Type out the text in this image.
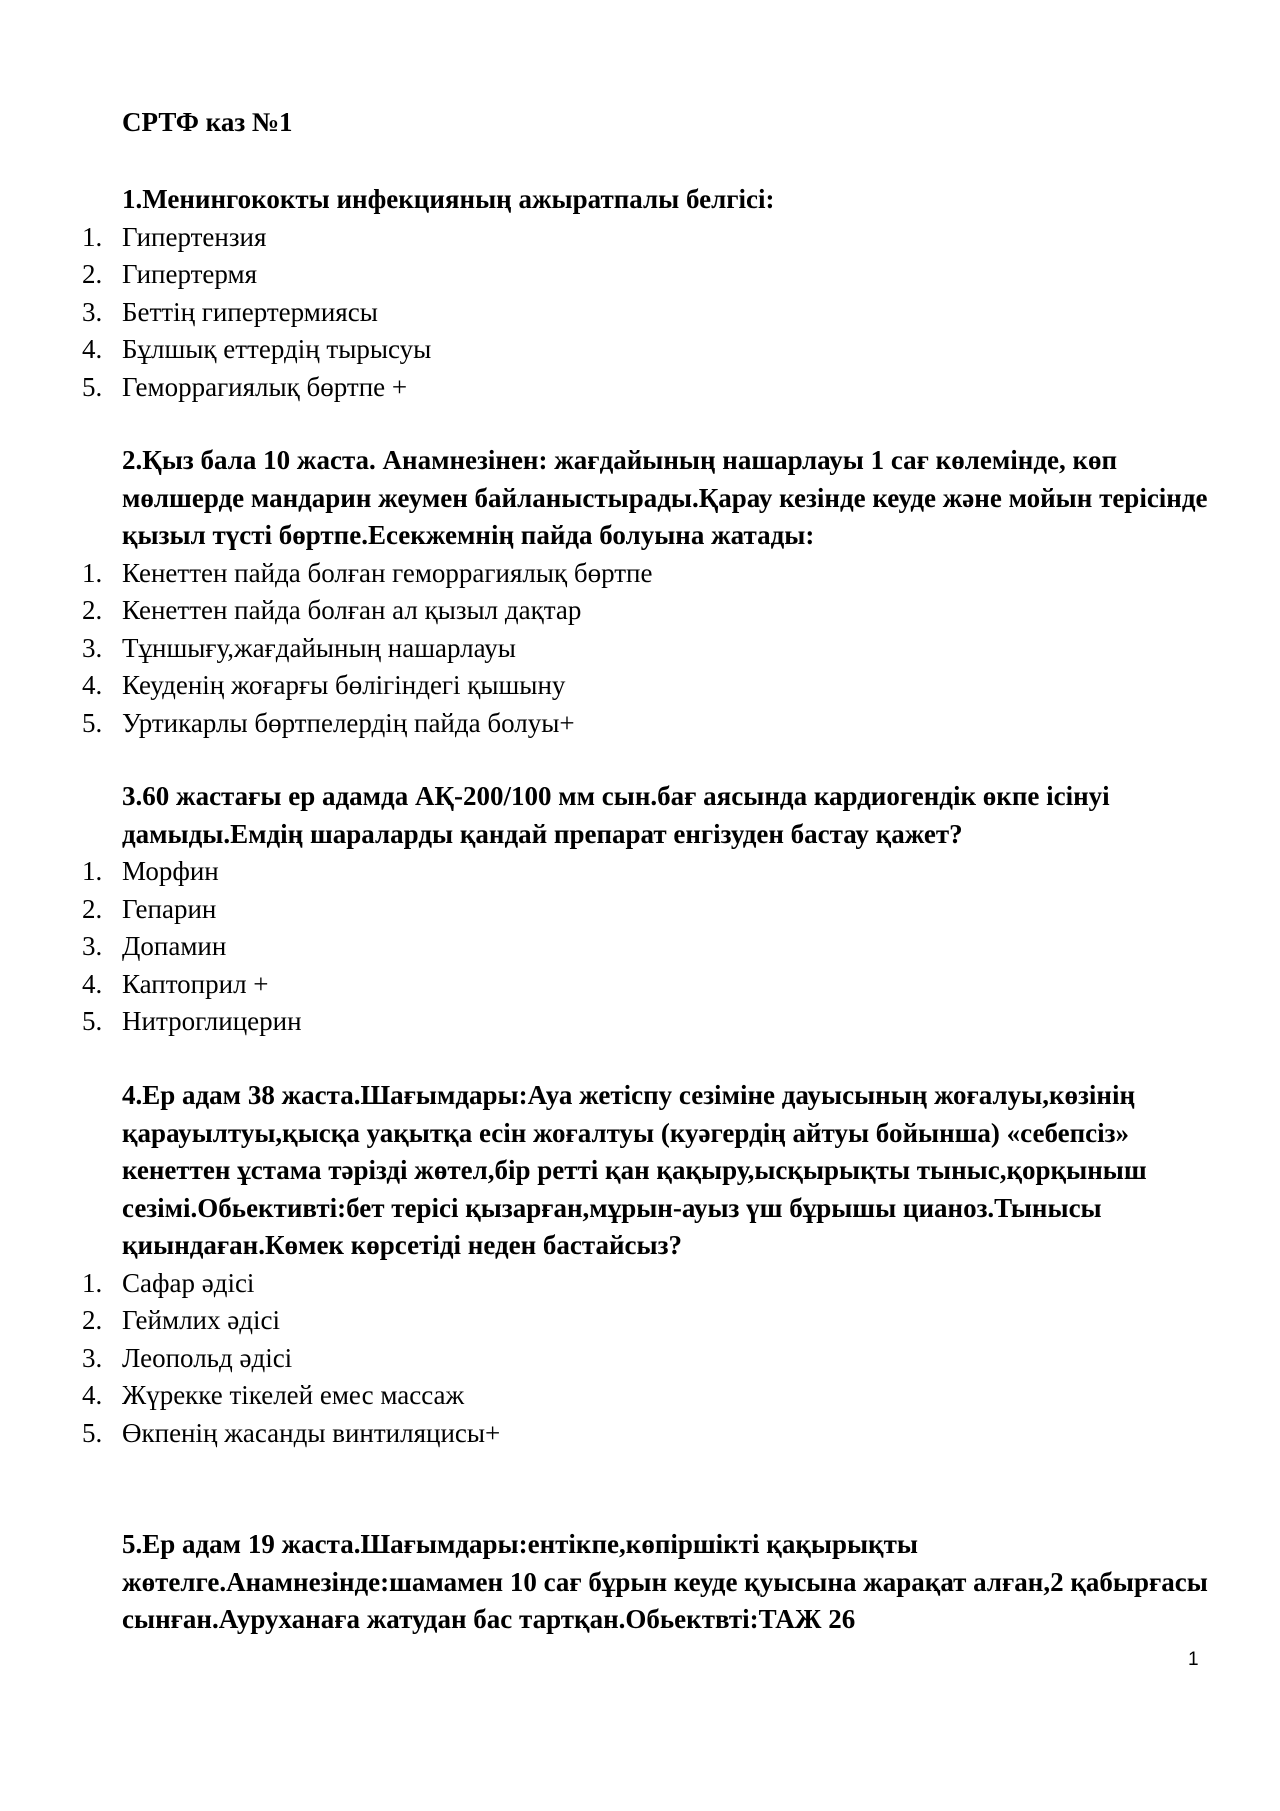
СРТФ каз №1
1.Менингококты инфекцияның ажыратпалы белгісі:
1. Гипертензия
2. Гипертермя
3. Беттің гипертермиясы
4. Бұлшық еттердің тырысуы
5. Геморрагиялық бөртпе +
2.Қыз бала 10 жаста. Анамнезінен: жағдайының нашарлауы 1 сағ көлемінде, көп мөлшерде мандарин жеумен байланыстырады.Қарау кезінде кеуде және мойын терісінде қызыл түсті бөртпе.Есекжемнің пайда болуына жатады:
1. Кенеттен пайда болған геморрагиялық бөртпе
2. Кенеттен пайда болған ал қызыл дақтар
3. Тұншығу,жағдайының нашарлауы
4. Кеуденің жоғарғы бөлігіндегі қышыну
5. Уртикарлы бөртпелердің пайда болуы+
3.60 жастағы ер адамда АҚ-200/100 мм сын.бағ аясында кардиогендік өкпе ісінуі дамыды.Емдің шараларды қандай препарат енгізуден бастау қажет?
1. Морфин
2. Гепарин
3. Допамин
4. Каптоприл +
5. Нитроглицерин
4.Ер адам 38 жаста.Шағымдары:Ауа жетіспу сезіміне дауысының жоғалуы,көзінің қарауылтуы,қысқа уақытқа есін жоғалтуы (куәгердің айтуы бойынша) «себепсіз» кенеттен ұстама тәрізді жөтел,бір ретті қан қақыру,ысқырықты тыныс,қорқыныш сезімі.Обьективті:бет терісі қызарған,мұрын-ауыз үш бұрышы цианоз.Тынысы қиындаған.Көмек көрсетіді неден бастайсыз?
1. Сафар әдісі
2. Геймлих әдісі
3. Леопольд әдісі
4. Жүрекке тікелей емес массаж
5. Өкпенің жасанды винтиляцисы+
5.Ер адам 19 жаста.Шағымдары:ентікпе,көпіршікті қақырықты жөтелге.Анамнезінде:шамамен 10 сағ бұрын кеуде қуысына жарақат алған,2 қабырғасы сынған.Ауруханаға жатудан бас тартқан.Обьектвті:ТАЖ 26
1
